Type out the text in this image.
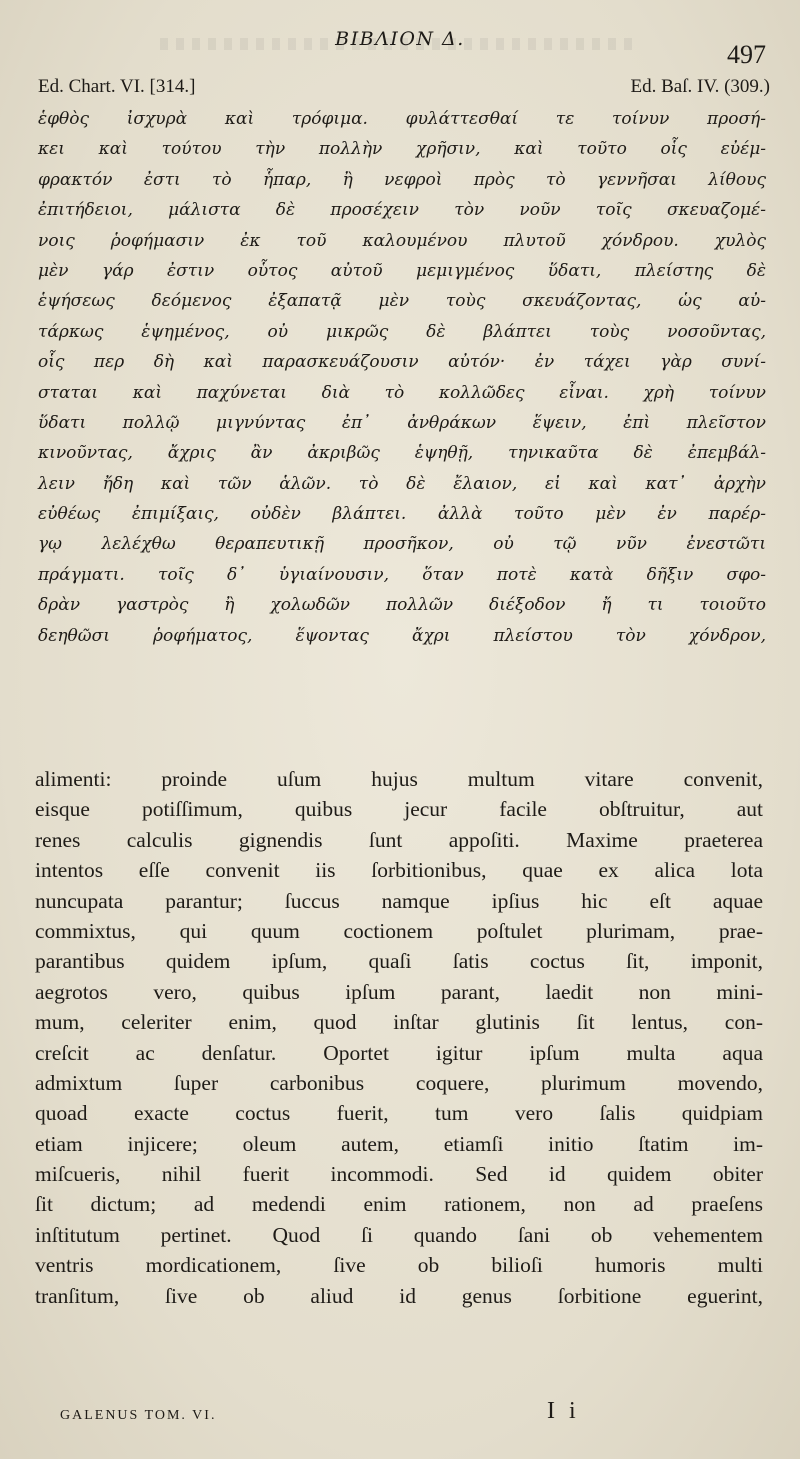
ΒΙΒΛΙΟΝ Δ.
497
Ed. Chart. VI. [314.]	Ed. Baſ. IV. (309.)
ἑφθὸς ἰσχυρὰ καὶ τρόφιμα. φυλάττεσθαί τε τοίνυν προσή-
κει καὶ τούτου τὴν πολλὴν χρῆσιν, καὶ τοῦτο οἷς εὐέμ-
φρακτόν ἐστι τὸ ἧπαρ, ἢ νεφροὶ πρὸς τὸ γεννῆσαι λίθους
ἐπιτήδειοι, μάλιστα δὲ προσέχειν τὸν νοῦν τοῖς σκευαζομέ-
νοις ῥοφήμασιν ἐκ τοῦ καλουμένου πλυτοῦ χόνδρου. χυλὸς
μὲν γάρ ἐστιν οὗτος αὐτοῦ μεμιγμένος ὕδατι, πλείστης δὲ
ἑψήσεως δεόμενος ἐξαπατᾷ μὲν τοὺς σκευάζοντας, ὡς αὐ-
τάρκως ἑψημένος, οὐ μικρῶς δὲ βλάπτει τοὺς νοσοῦντας,
οἷς περ δὴ καὶ παρασκευάζουσιν αὐτόν· ἐν τάχει γὰρ συνί-
σταται καὶ παχύνεται διὰ τὸ κολλῶδες εἶναι. χρὴ τοίνυν
ὕδατι πολλῷ μιγνύντας ἐπ᾽ ἀνθράκων ἕψειν, ἐπὶ πλεῖστον
κινοῦντας, ἄχρις ἂν ἀκριβῶς ἑψηθῇ, τηνικαῦτα δὲ ἐπεμβάλ-
λειν ἤδη καὶ τῶν ἁλῶν. τὸ δὲ ἔλαιον, εἰ καὶ κατ᾽ ἀρχὴν
εὐθέως ἐπιμίξαις, οὐδὲν βλάπτει. ἀλλὰ τοῦτο μὲν ἐν παρέρ-
γῳ λελέχθω θεραπευτικῇ προσῆκον, οὐ τῷ νῦν ἐνεστῶτι
πράγματι. τοῖς δ᾽ ὑγιαίνουσιν, ὅταν ποτὲ κατὰ δῆξιν σφο-
δρὰν γαστρὸς ἢ χολωδῶν πολλῶν διέξοδον ἤ τι τοιοῦτο
δεηθῶσι ῥοφήματος, ἕψοντας ἄχρι πλείστου τὸν χόνδρον,
alimenti: proinde uſum hujus multum vitare convenit,
eisque potiſſimum, quibus jecur facile obſtruitur, aut
renes calculis gignendis ſunt appoſiti. Maxime praeterea
intentos eſſe convenit iis ſorbitionibus, quae ex alica lota
nuncupata parantur; ſuccus namque ipſius hic eſt aquae
commixtus, qui quum coctionem poſtulet plurimam, prae-
parantibus quidem ipſum, quaſi ſatis coctus ſit, imponit,
aegrotos vero, quibus ipſum parant, laedit non mini-
mum, celeriter enim, quod inſtar glutinis ſit lentus, con-
creſcit ac denſatur. Oportet igitur ipſum multa aqua
admixtum ſuper carbonibus coquere, plurimum movendo,
quoad exacte coctus fuerit, tum vero ſalis quidpiam
etiam injicere; oleum autem, etiamſi initio ſtatim im-
miſcueris, nihil fuerit incommodi. Sed id quidem obiter
ſit dictum; ad medendi enim rationem, non ad praeſens
inſtitutum pertinet. Quod ſi quando ſani ob vehementem
ventris mordicationem, ſive ob bilioſi humoris multi
tranſitum, ſive ob aliud id genus ſorbitione eguerint,
GALENUS TOM. VI.	I i
